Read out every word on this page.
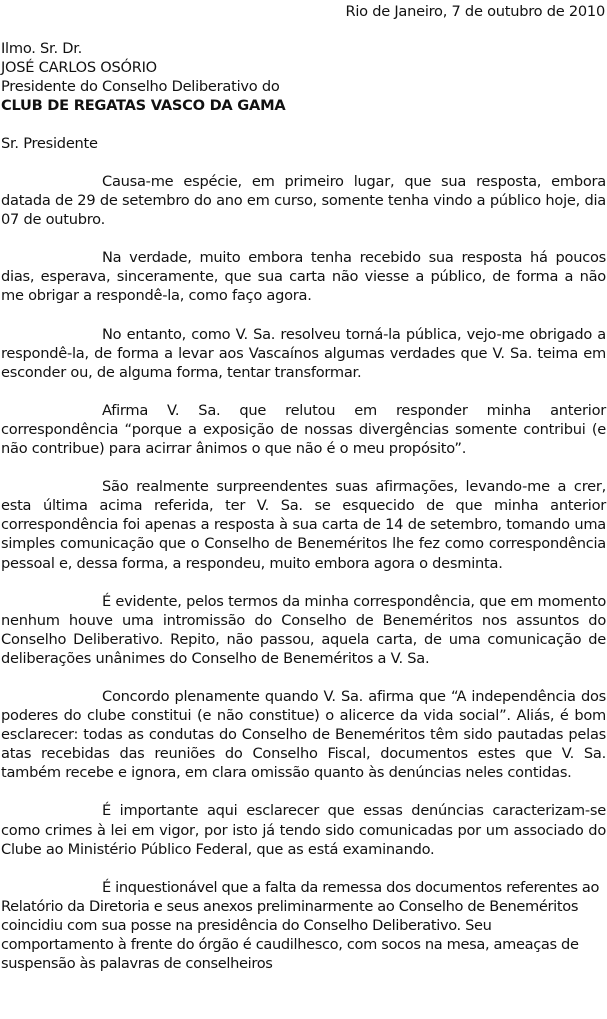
Rio de Janeiro, 7 de outubro de 2010
Ilmo. Sr. Dr.
JOSÉ CARLOS OSÓRIO
Presidente do Conselho Deliberativo do
CLUB DE REGATAS VASCO DA GAMA
Sr. Presidente

Causa-me espécie, em primeiro lugar, que sua resposta, embora datada de 29 de setembro do ano em curso, somente tenha vindo a público hoje, dia 07 de outubro.

Na verdade, muito embora tenha recebido sua resposta há poucos dias, esperava, sinceramente, que sua carta não viesse a público, de forma a não me obrigar a respondê-la, como faço agora.

No entanto, como V. Sa. resolveu torná-la pública, vejo-me obrigado a respondê-la, de forma a levar aos Vascaínos algumas verdades que V. Sa. teima em esconder ou, de alguma forma, tentar transformar.

Afirma V. Sa. que relutou em responder minha anterior correspondência “porque a exposição de nossas divergências somente contribui (e não contribue) para acirrar ânimos o que não é o meu propósito”.

São realmente surpreendentes suas afirmações, levando-me a crer, esta última acima referida, ter V. Sa. se esquecido de que minha anterior correspondência foi apenas a resposta à sua carta de 14 de setembro, tomando uma simples comunicação que o Conselho de Beneméritos lhe fez como correspondência pessoal e, dessa forma, a respondeu, muito embora agora o desminta.

É evidente, pelos termos da minha correspondência, que em momento nenhum houve uma intromissão do Conselho de Beneméritos nos assuntos do Conselho Deliberativo. Repito, não passou, aquela carta, de uma comunicação de deliberações unânimes do Conselho de Beneméritos a V. Sa.

Concordo plenamente quando V. Sa. afirma que “A independência dos poderes do clube constitui (e não constitue) o alicerce da vida social”. Aliás, é bom esclarecer: todas as condutas do Conselho de Beneméritos têm sido pautadas pelas atas recebidas das reuniões do Conselho Fiscal, documentos estes que V. Sa. também recebe e ignora, em clara omissão quanto às denúncias neles contidas.

É importante aqui esclarecer que essas denúncias caracterizam-se como crimes à lei em vigor, por isto já tendo sido comunicadas por um associado do Clube ao Ministério Público Federal, que as está examinando.

É inquestionável que a falta da remessa dos documentos referentes ao Relatório da Diretoria e seus anexos preliminarmente ao Conselho de Beneméritos coincidiu com sua posse na presidência do Conselho Deliberativo. Seu comportamento à frente do órgão é caudilhesco, com socos na mesa, ameaças de suspensão às palavras de conselheiros
